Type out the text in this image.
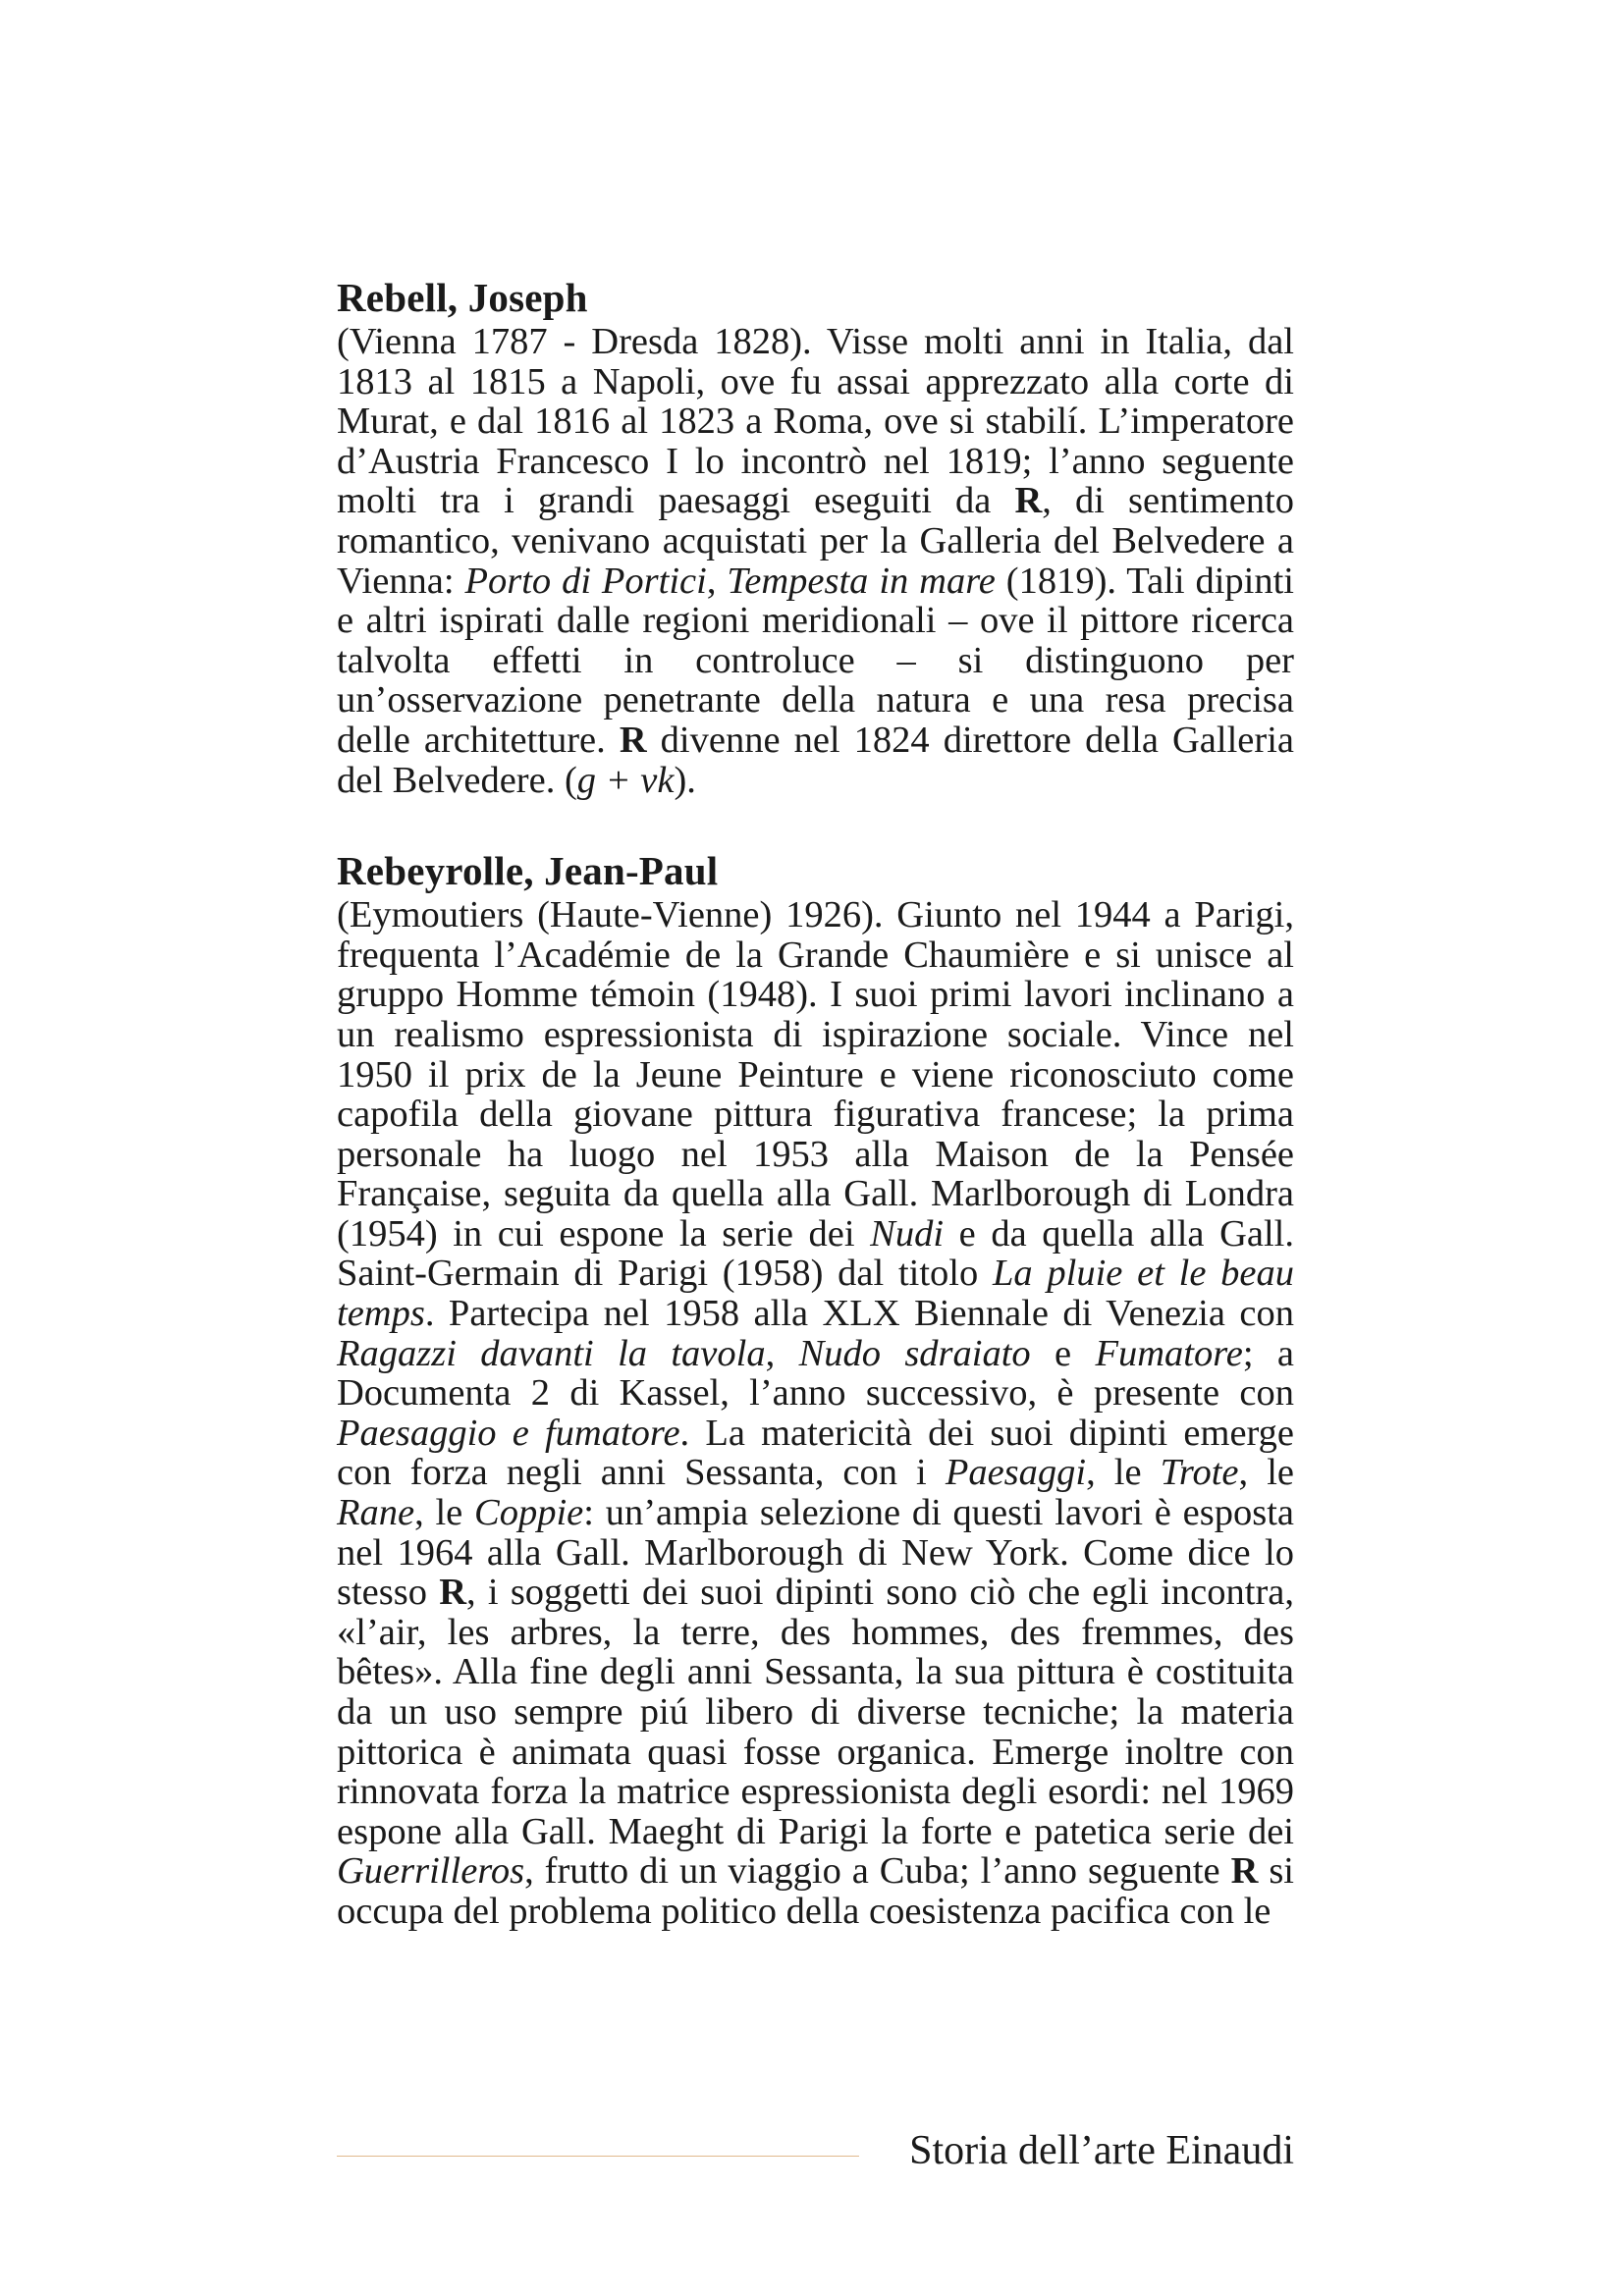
Rebell, Joseph

(Vienna 1787 - Dresda 1828). Visse molti anni in Italia, dal 1813 al 1815 a Napoli, ove fu assai apprezzato alla corte di Murat, e dal 1816 al 1823 a Roma, ove si stabilí. L’imperatore d’Austria Francesco I lo incontrò nel 1819; l’anno seguente molti tra i grandi paesaggi eseguiti da R, di sentimento romantico, venivano acquistati per la Galleria del Belvedere a Vienna: Porto di Portici, Tempesta in mare (1819). Tali dipinti e altri ispirati dalle regioni meridionali – ove il pittore ricerca talvolta effetti in controluce – si distinguono per un’osservazione penetrante della natura e una resa precisa delle architetture. R divenne nel 1824 direttore della Galleria del Belvedere. (g + vk).

Rebeyrolle, Jean-Paul

(Eymoutiers (Haute-Vienne) 1926). Giunto nel 1944 a Parigi, frequenta l’Académie de la Grande Chaumière e si unisce al gruppo Homme témoin (1948). I suoi primi lavori inclinano a un realismo espressionista di ispirazione sociale. Vince nel 1950 il prix de la Jeune Peinture e viene riconosciuto come capofila della giovane pittura figurativa francese; la prima personale ha luogo nel 1953 alla Maison de la Pensée Française, seguita da quella alla Gall. Marlborough di Londra (1954) in cui espone la serie dei Nudi e da quella alla Gall. Saint-Germain di Parigi (1958) dal titolo La pluie et le beau temps. Partecipa nel 1958 alla XLX Biennale di Venezia con Ragazzi davanti la tavola, Nudo sdraiato e Fumatore; a Documenta 2 di Kassel, l’anno successivo, è presente con Paesaggio e fumatore. La matericità dei suoi dipinti emerge con forza negli anni Sessanta, con i Paesaggi, le Trote, le Rane, le Coppie: un’ampia selezione di questi lavori è esposta nel 1964 alla Gall. Marlborough di New York. Come dice lo stesso R, i soggetti dei suoi dipinti sono ciò che egli incontra, «l’air, les arbres, la terre, des hommes, des fremmes, des bêtes». Alla fine degli anni Sessanta, la sua pittura è costituita da un uso sempre piú libero di diverse tecniche; la materia pittorica è animata quasi fosse organica. Emerge inoltre con rinnovata forza la matrice espressionista degli esordi: nel 1969 espone alla Gall. Maeght di Parigi la forte e patetica serie dei Guerrilleros, frutto di un viaggio a Cuba; l’anno seguente R si occupa del problema politico della coesistenza pacifica con le

Storia dell’arte Einaudi
